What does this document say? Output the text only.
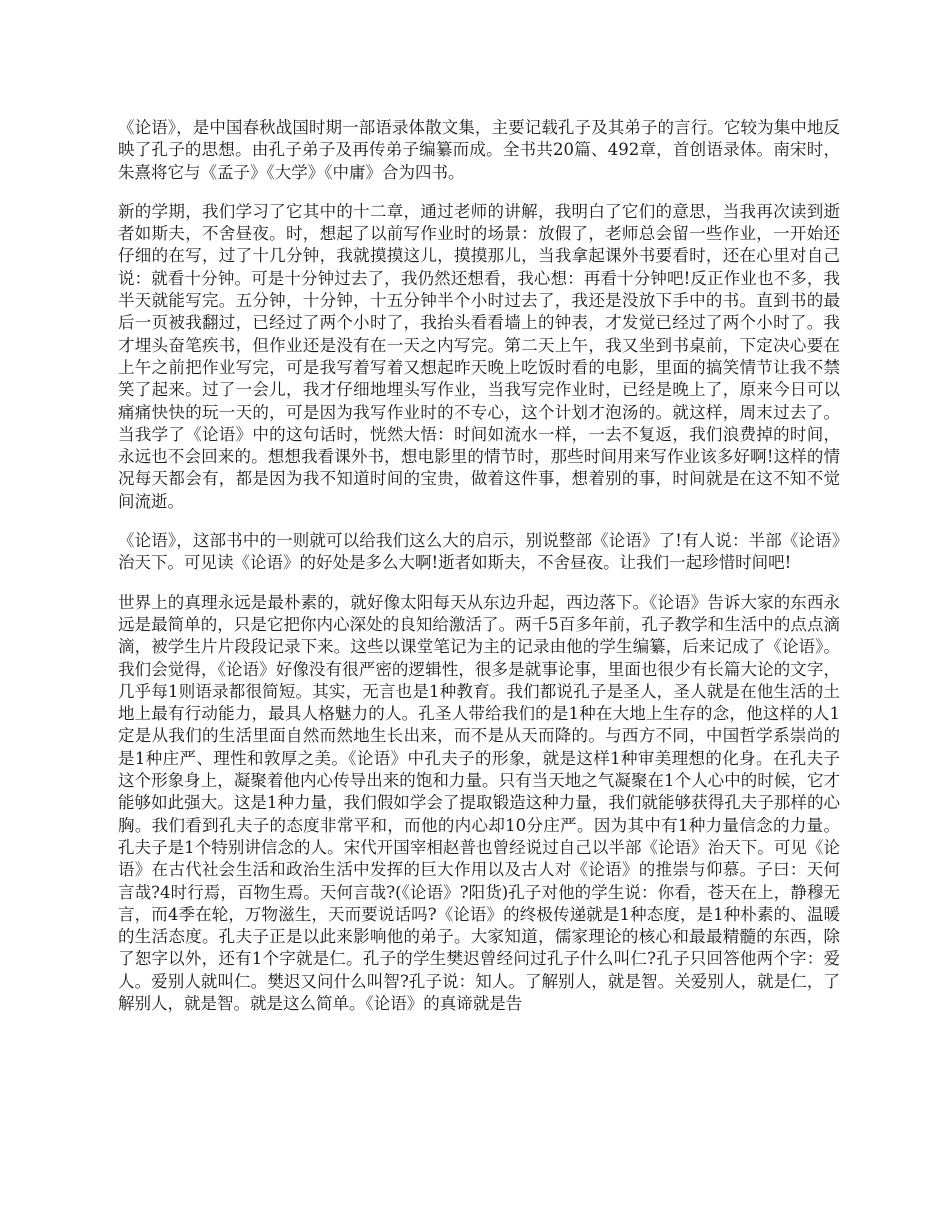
《论语》，是中国春秋战国时期一部语录体散文集，主要记载孔子及其弟子的言行。它较为集中地反映了孔子的思想。由孔子弟子及再传弟子编纂而成。全书共20篇、492章，首创语录体。南宋时，朱熹将它与《孟子》《大学》《中庸》合为四书。

新的学期，我们学习了它其中的十二章，通过老师的讲解，我明白了它们的意思，当我再次读到逝者如斯夫，不舍昼夜。时，想起了以前写作业时的场景：放假了，老师总会留一些作业，一开始还仔细的在写，过了十几分钟，我就摸摸这儿，摸摸那儿，当我拿起课外书要看时，还在心里对自己说：就看十分钟。可是十分钟过去了，我仍然还想看，我心想：再看十分钟吧!反正作业也不多，我半天就能写完。五分钟，十分钟，十五分钟半个小时过去了，我还是没放下手中的书。直到书的最后一页被我翻过，已经过了两个小时了，我抬头看看墙上的钟表，才发觉已经过了两个小时了。我才埋头奋笔疾书，但作业还是没有在一天之内写完。第二天上午，我又坐到书桌前，下定决心要在上午之前把作业写完，可是我写着写着又想起昨天晚上吃饭时看的电影，里面的搞笑情节让我不禁笑了起来。过了一会儿，我才仔细地埋头写作业，当我写完作业时，已经是晚上了，原来今日可以痛痛快快的玩一天的，可是因为我写作业时的不专心，这个计划才泡汤的。就这样，周末过去了。当我学了《论语》中的这句话时，恍然大悟：时间如流水一样，一去不复返，我们浪费掉的时间，永远也不会回来的。想想我看课外书，想电影里的情节时，那些时间用来写作业该多好啊!这样的情况每天都会有，都是因为我不知道时间的宝贵，做着这件事，想着别的事，时间就是在这不知不觉间流逝。

《论语》，这部书中的一则就可以给我们这么大的启示，别说整部《论语》了!有人说：半部《论语》治天下。可见读《论语》的好处是多么大啊!逝者如斯夫，不舍昼夜。让我们一起珍惜时间吧!

世界上的真理永远是最朴素的，就好像太阳每天从东边升起，西边落下。《论语》告诉大家的东西永远是最简单的，只是它把你内心深处的良知给激活了。两千5百多年前，孔子教学和生活中的点点滴滴，被学生片片段段记录下来。这些以课堂笔记为主的记录由他的学生编纂，后来记成了《论语》。我们会觉得，《论语》好像没有很严密的逻辑性，很多是就事论事，里面也很少有长篇大论的文字，几乎每1则语录都很简短。其实，无言也是1种教育。我们都说孔子是圣人，圣人就是在他生活的土地上最有行动能力，最具人格魅力的人。孔圣人带给我们的是1种在大地上生存的念，他这样的人1定是从我们的生活里面自然而然地生长出来，而不是从天而降的。与西方不同，中国哲学系崇尚的是1种庄严、理性和敦厚之美。《论语》中孔夫子的形象，就是这样1种审美理想的化身。在孔夫子这个形象身上，凝聚着他内心传导出来的饱和力量。只有当天地之气凝聚在1个人心中的时候，它才能够如此强大。这是1种力量，我们假如学会了提取锻造这种力量，我们就能够获得孔夫子那样的心胸。我们看到孔夫子的态度非常平和，而他的内心却10分庄严。因为其中有1种力量信念的力量。孔夫子是1个特别讲信念的人。宋代开国宰相赵普也曾经说过自己以半部《论语》治天下。可见《论语》在古代社会生活和政治生活中发挥的巨大作用以及古人对《论语》的推崇与仰慕。子曰：天何言哉?4时行焉，百物生焉。天何言哉?(《论语》?阳货)孔子对他的学生说：你看，苍天在上，静穆无言，而4季在轮，万物滋生，天而要说话吗?《论语》的终极传递就是1种态度，是1种朴素的、温暖的生活态度。孔夫子正是以此来影响他的弟子。大家知道，儒家理论的核心和最最精髓的东西，除了恕字以外，还有1个字就是仁。孔子的学生樊迟曾经问过孔子什么叫仁?孔子只回答他两个字：爱人。爱别人就叫仁。樊迟又问什么叫智?孔子说：知人。了解别人，就是智。关爱别人，就是仁，了解别人，就是智。就是这么简单。《论语》的真谛就是告
